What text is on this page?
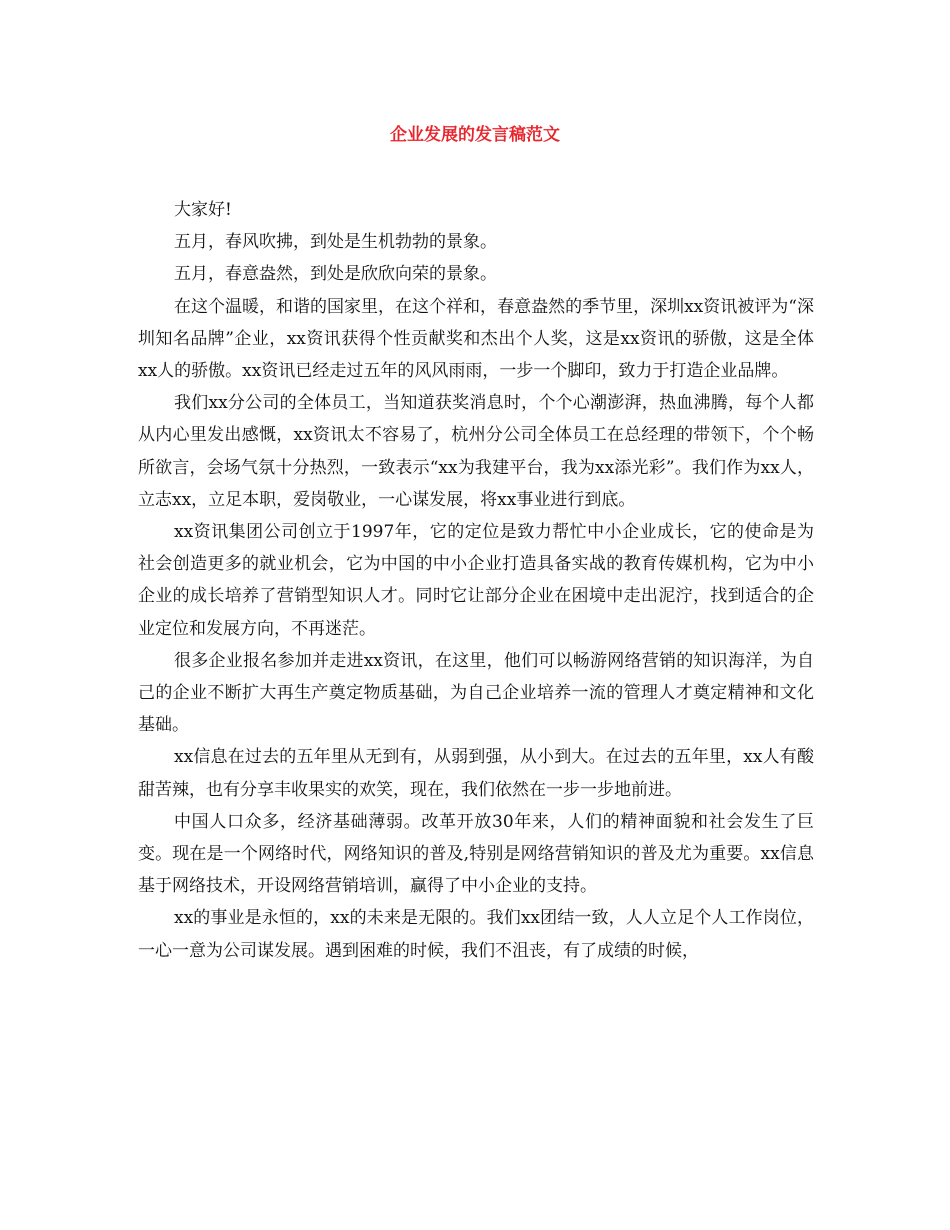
企业发展的发言稿范文

大家好!

五月，春风吹拂，到处是生机勃勃的景象。

五月，春意盎然，到处是欣欣向荣的景象。

在这个温暖，和谐的国家里，在这个祥和，春意盎然的季节里，深圳xx资讯被评为“深圳知名品牌”企业，xx资讯获得个性贡献奖和杰出个人奖，这是xx资讯的骄傲，这是全体xx人的骄傲。xx资讯已经走过五年的风风雨雨，一步一个脚印，致力于打造企业品牌。

我们xx分公司的全体员工，当知道获奖消息时，个个心潮澎湃，热血沸腾，每个人都从内心里发出感慨，xx资讯太不容易了，杭州分公司全体员工在总经理的带领下，个个畅所欲言，会场气氛十分热烈，一致表示“xx为我建平台，我为xx添光彩”。我们作为xx人，立志xx，立足本职，爱岗敬业，一心谋发展，将xx事业进行到底。

xx资讯集团公司创立于1997年，它的定位是致力帮忙中小企业成长，它的使命是为社会创造更多的就业机会，它为中国的中小企业打造具备实战的教育传媒机构，它为中小企业的成长培养了营销型知识人才。同时它让部分企业在困境中走出泥泞，找到适合的企业定位和发展方向，不再迷茫。

很多企业报名参加并走进xx资讯，在这里，他们可以畅游网络营销的知识海洋，为自己的企业不断扩大再生产奠定物质基础，为自己企业培养一流的管理人才奠定精神和文化基础。

xx信息在过去的五年里从无到有，从弱到强，从小到大。在过去的五年里，xx人有酸甜苦辣，也有分享丰收果实的欢笑，现在，我们依然在一步一步地前进。

中国人口众多，经济基础薄弱。改革开放30年来，人们的精神面貌和社会发生了巨变。现在是一个网络时代，网络知识的普及,特别是网络营销知识的普及尤为重要。xx信息基于网络技术，开设网络营销培训，赢得了中小企业的支持。

xx的事业是永恒的，xx的未来是无限的。我们xx团结一致，人人立足个人工作岗位，一心一意为公司谋发展。遇到困难的时候，我们不沮丧，有了成绩的时候，
